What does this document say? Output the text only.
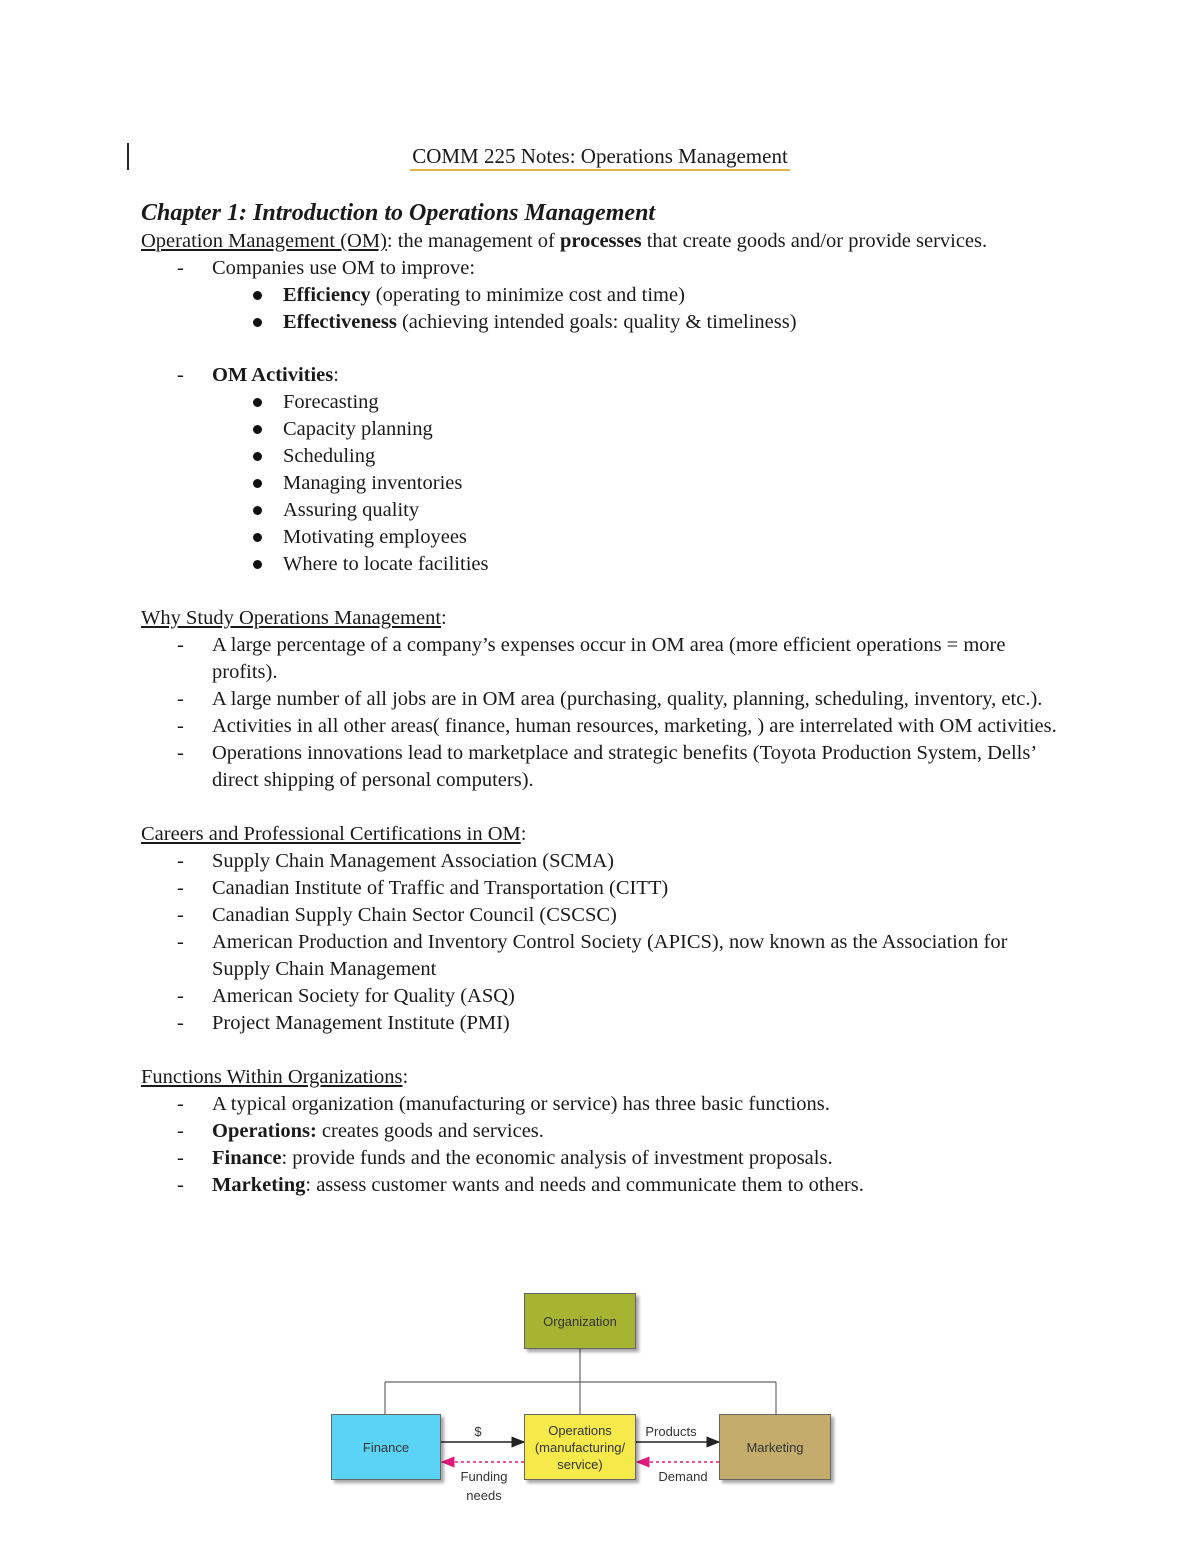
COMM 225 Notes: Operations Management
Chapter 1: Introduction to Operations Management

Operation Management (OM): the management of processes that create goods and/or provide services.

- Companies use OM to improve:
Efficiency (operating to minimize cost and time)
Effectiveness (achieving intended goals: quality & timeliness)
- OM Activities:
Forecasting
Capacity planning
Scheduling
Managing inventories
Assuring quality
Motivating employees
Where to locate facilities

Why Study Operations Management:

- A large percentage of a company’s expenses occur in OM area (more efficient operations = more profits).
- A large number of all jobs are in OM area (purchasing, quality, planning, scheduling, inventory, etc.).
- Activities in all other areas( finance, human resources, marketing, ) are interrelated with OM activities.
- Operations innovations lead to marketplace and strategic benefits (Toyota Production System, Dells’ direct shipping of personal computers).

Careers and Professional Certifications in OM:

- Supply Chain Management Association (SCMA)
- Canadian Institute of Traffic and Transportation (CITT)
- Canadian Supply Chain Sector Council (CSCSC)
- American Production and Inventory Control Society (APICS), now known as the Association for Supply Chain Management
- American Society for Quality (ASQ)
- Project Management Institute (PMI)

Functions Within Organizations:

- A typical organization (manufacturing or service) has three basic functions.
- Operations: creates goods and services.
- Finance: provide funds and the economic analysis of investment proposals.
- Marketing: assess customer wants and needs and communicate them to others.
Organization
Finance
Operations
(manufacturing/
service)
Marketing
$	Products
Funding
needs
Demand
